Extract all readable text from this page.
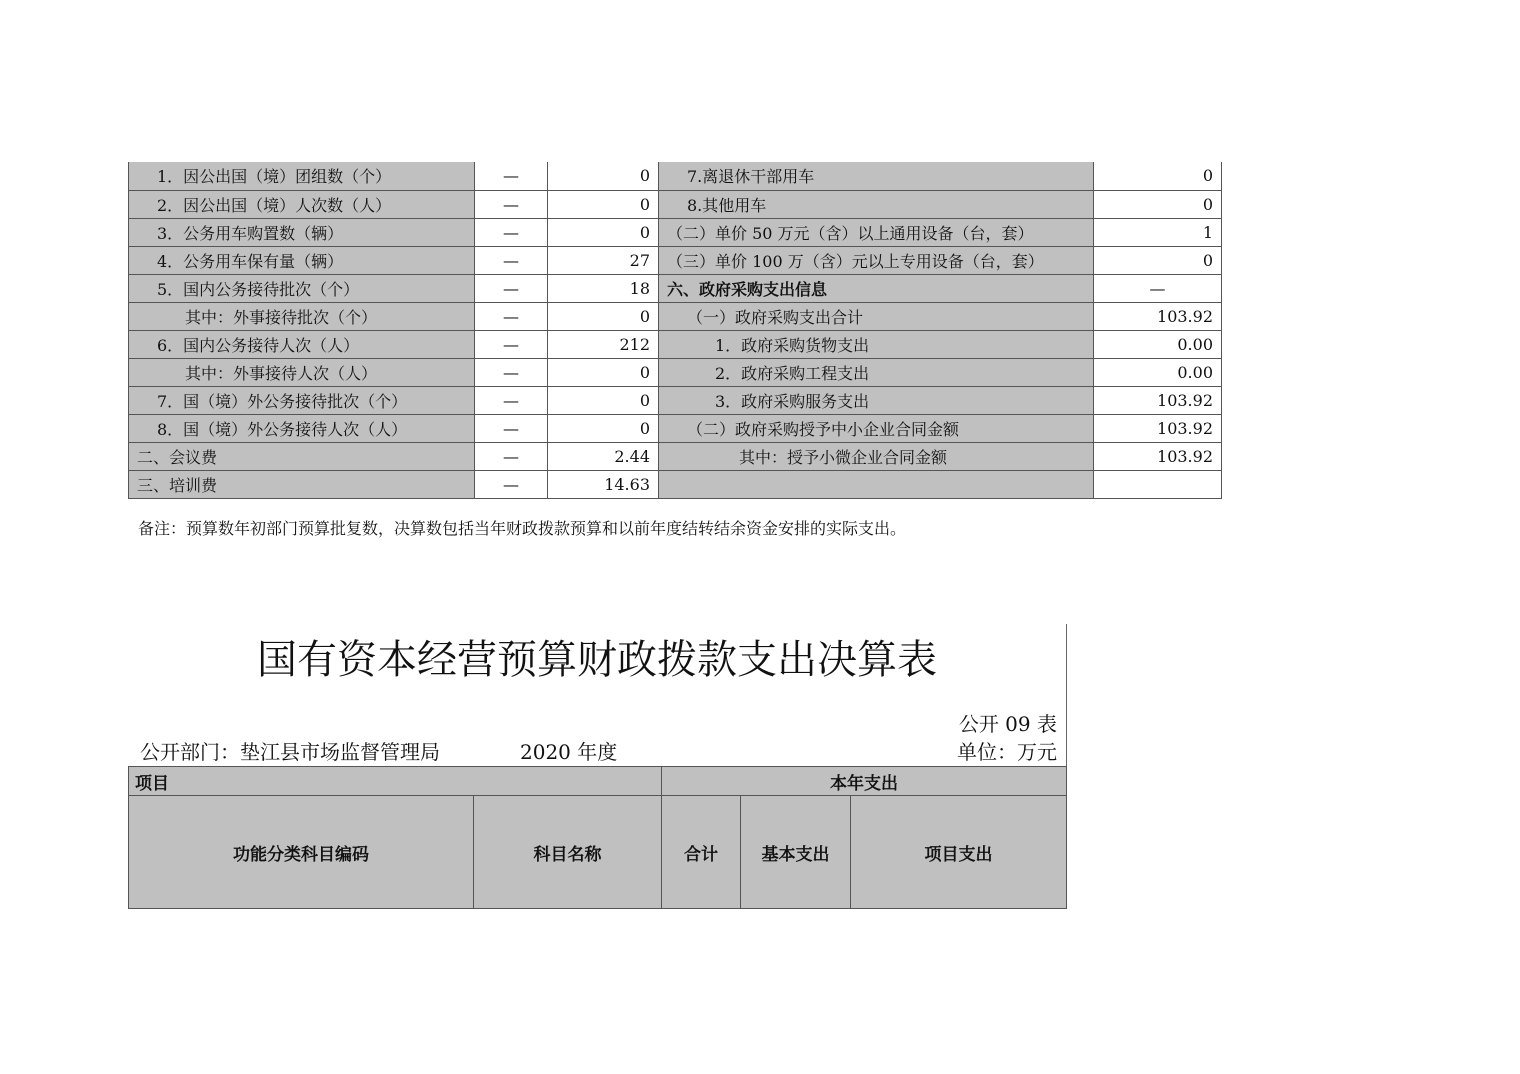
1．因公出国（境）团组数（个）	—	0	7.离退休干部用车	0
2．因公出国（境）人次数（人）	—	0	8.其他用车	0
3．公务用车购置数（辆）	—	0	（二）单价 50 万元（含）以上通用设备（台，套）	1
4．公务用车保有量（辆）	—	27	（三）单价 100 万（含）元以上专用设备（台，套）	0
5．国内公务接待批次（个）	—	18	六、政府采购支出信息	—
其中：外事接待批次（个）	—	0	（一）政府采购支出合计	103.92
6．国内公务接待人次（人）	—	212	1．政府采购货物支出	0.00
其中：外事接待人次（人）	—	0	2．政府采购工程支出	0.00
7．国（境）外公务接待批次（个）	—	0	3．政府采购服务支出	103.92
8．国（境）外公务接待人次（人）	—	0	（二）政府采购授予中小企业合同金额	103.92
二、会议费	—	2.44	其中：授予小微企业合同金额	103.92
三、培训费	—	14.63		
备注：预算数年初部门预算批复数，决算数包括当年财政拨款预算和以前年度结转结余资金安排的实际支出。
国有资本经营预算财政拨款支出决算表
公开 09 表
公开部门：垫江县市场监督管理局	2020 年度	单位：万元
项目		本年支出		
功能分类科目编码	科目名称	合计	基本支出	项目支出
